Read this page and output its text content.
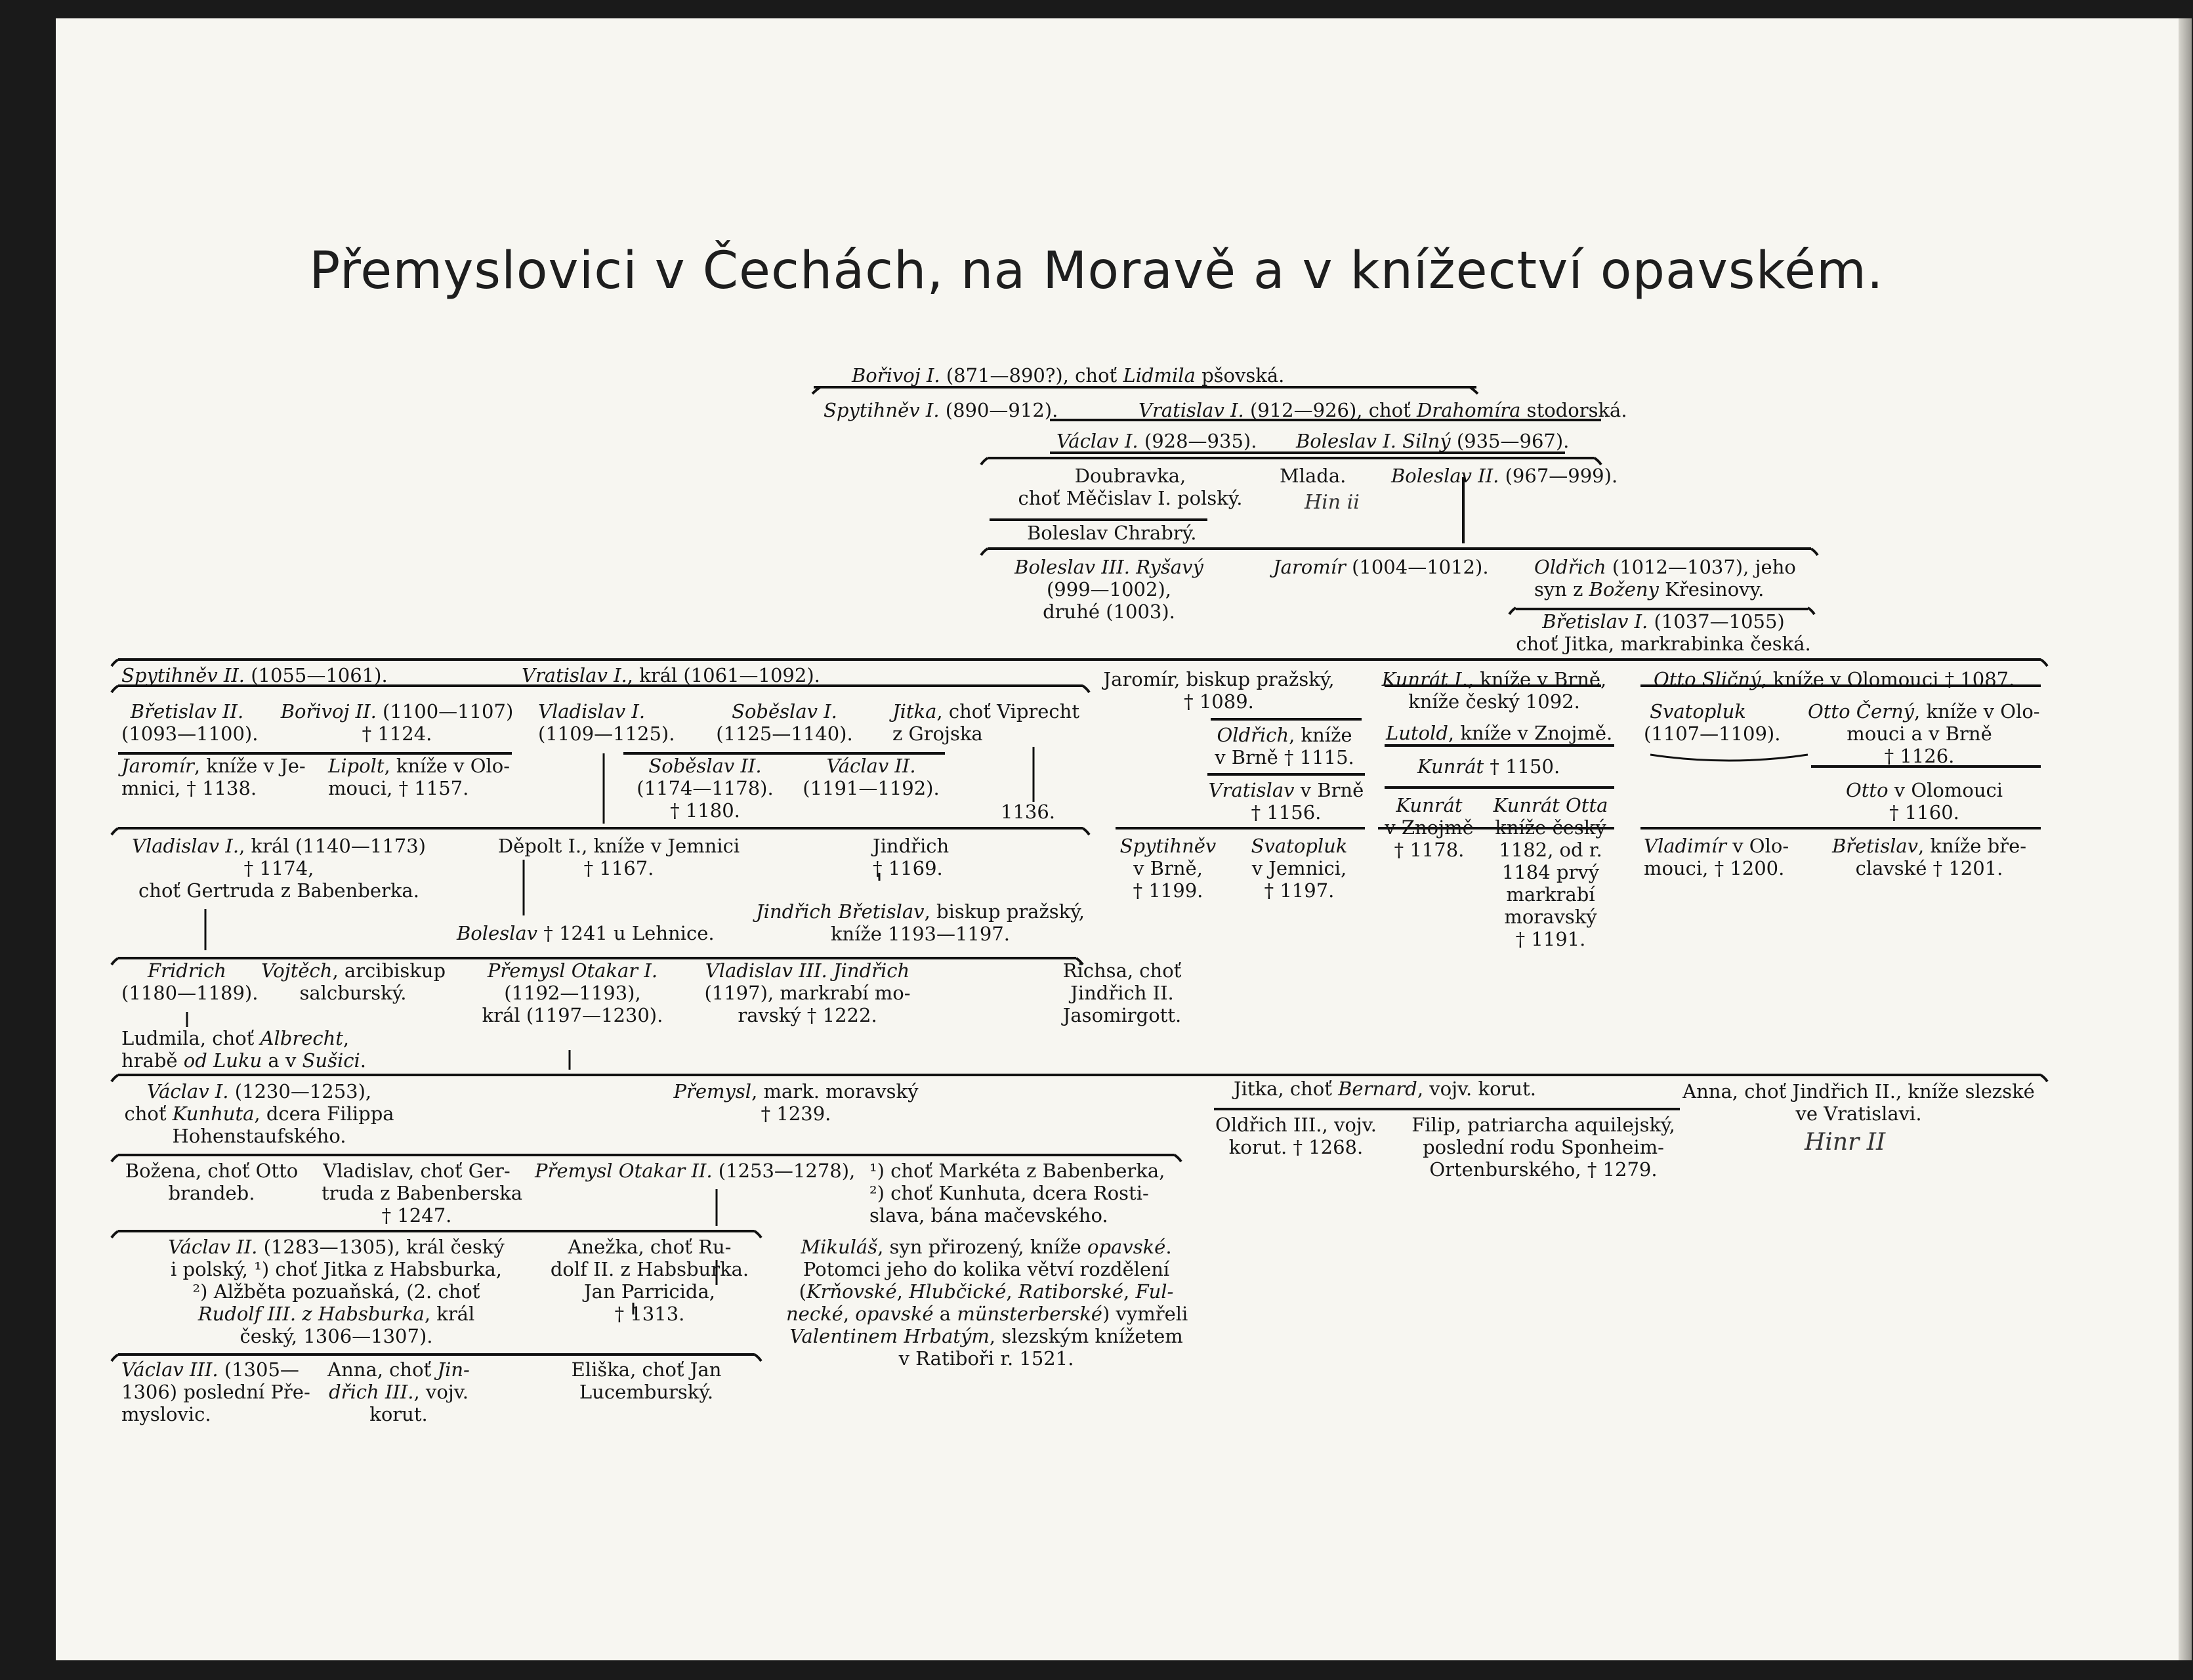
Přemyslovici v Čechách, na Moravě a v knížectví opavském.
Bořivoj I. (871—890?), choť Lidmila pšovská.
Spytihněv I. (890—912).	Vratislav I. (912—926), choť Drahomíra stodorská.
Václav I. (928—935). Boleslav I. Silný (935—967).
Doubravka,
choť Měčislav I. polský.
Mlada. Boleslav II. (967—999).
Boleslav Chrabrý.
Boleslav III. Ryšavý
(999—1002),
druhé (1003).
Jaromír (1004—1012). Oldřich (1012—1037), jeho
syn z Boženy Křesinovy.
Břetislav I. (1037—1055)
choť Jitka, markrabinka česká.
Spytihněv II. (1055—1061).	Vratislav I., král (1061—1092).	Jaromír, biskup pražský,
† 1089.
Kunrát I., kníže v Brně,
kníže český 1092.
Otto Sličný, kníže v Olomouci † 1087.
Břetislav II.
(1093—1100).
Bořivoj II. (1100—1107)
† 1124.
Vladislav I.
(1109—1125).
Soběslav I.
(1125—1140).
Jitka, choť Viprecht
z Grojska	Oldřich, kníže
v Brně † 1115.
Lutold, kníže v Znojmě.
Svatopluk
(1107—1109).
Otto Černý, kníže v Olo-
mouci a v Brně
† 1126.
Jaromír, kníže v Je-
mnici, † 1138.
Lipolt, kníže v Olo-
mouci, † 1157.
Soběslav II.
(1174—1178).
† 1180.
Václav II.
(1191—1192).
1136.
Vratislav v Brně
† 1156.
Kunrát † 1150.
Otto v Olomouci
† 1160.
Vladislav I., král (1140—1173)
† 1174,
choť Gertruda z Babenberka.
Děpolt I., kníže v Jemnici
† 1167.
Jindřich
† 1169.
Spytihněv
v Brně,
† 1199.
Svatopluk
v Jemnici,
† 1197.
Kunrát
v Znojmě
† 1178.
Kunrát Otta
kníže český
1182, od r.
1184 prvý
markrabí
moravský
† 1191.
Vladimír v Olo-
mouci, † 1200.
Břetislav, kníže bře-
clavské † 1201.
Boleslav † 1241 u Lehnice.
Jindřich Břetislav, biskup pražský,
kníže 1193—1197.
Fridrich
(1180—1189).
Vojtěch, arcibiskup
salcburský.
Přemysl Otakar I.
(1192—1193),
král (1197—1230).
Vladislav III. Jindřich
(1197), markrabí mo-
ravský † 1222.
Richsa, choť
Jindřich II.
Jasomirgott.
Ludmila, choť Albrecht,
hrabě od Luku a v Sušici.
Václav I. (1230—1253),
choť Kunhuta, dcera Filippa
Hohenstaufského.
Přemysl, mark. moravský
† 1239.
Jitka, choť Bernard, vojv. korut.	Anna, choť Jindřich II., kníže slezské
ve Vratislavi.
Oldřich III., vojv.
korut. † 1268.
Filip, patriarcha aquilejský,
poslední rodu Sponheim-
Ortenburského, † 1279.
Božena, choť Otto
brandeb.
Vladislav, choť Ger-
truda z Babenberska
† 1247.
Přemysl Otakar II. (1253—1278), ¹) choť Markéta z Babenberka,
²) choť Kunhuta, dcera Rosti-
slava, bána mačevského.
Václav II. (1283—1305), král český
i polský, ¹) choť Jitka z Habsburka,
²) Alžběta pozuaňská, (2. choť
Rudolf III. z Habsburka, král
český, 1306—1307).
Anežka, choť Ru-
dolf II. z Habsburka.
Jan Parricida,
† 1313.
Mikuláš, syn přirozený, kníže opavské.
Potomci jeho do kolika větví rozdělení
(Krňovské, Hlubčické, Ratiborské, Ful-
necké, opavské a münsterberské) vymřeli
Valentinem Hrbatým, slezským knížetem
v Ratiboři r. 1521.
Václav III. (1305—
1306) poslední Pře-
myslovic.
Anna, choť Jin-
dřich III., vojv.
korut.
Eliška, choť Jan
Lucemburský.
Hin ii
Hinr II
